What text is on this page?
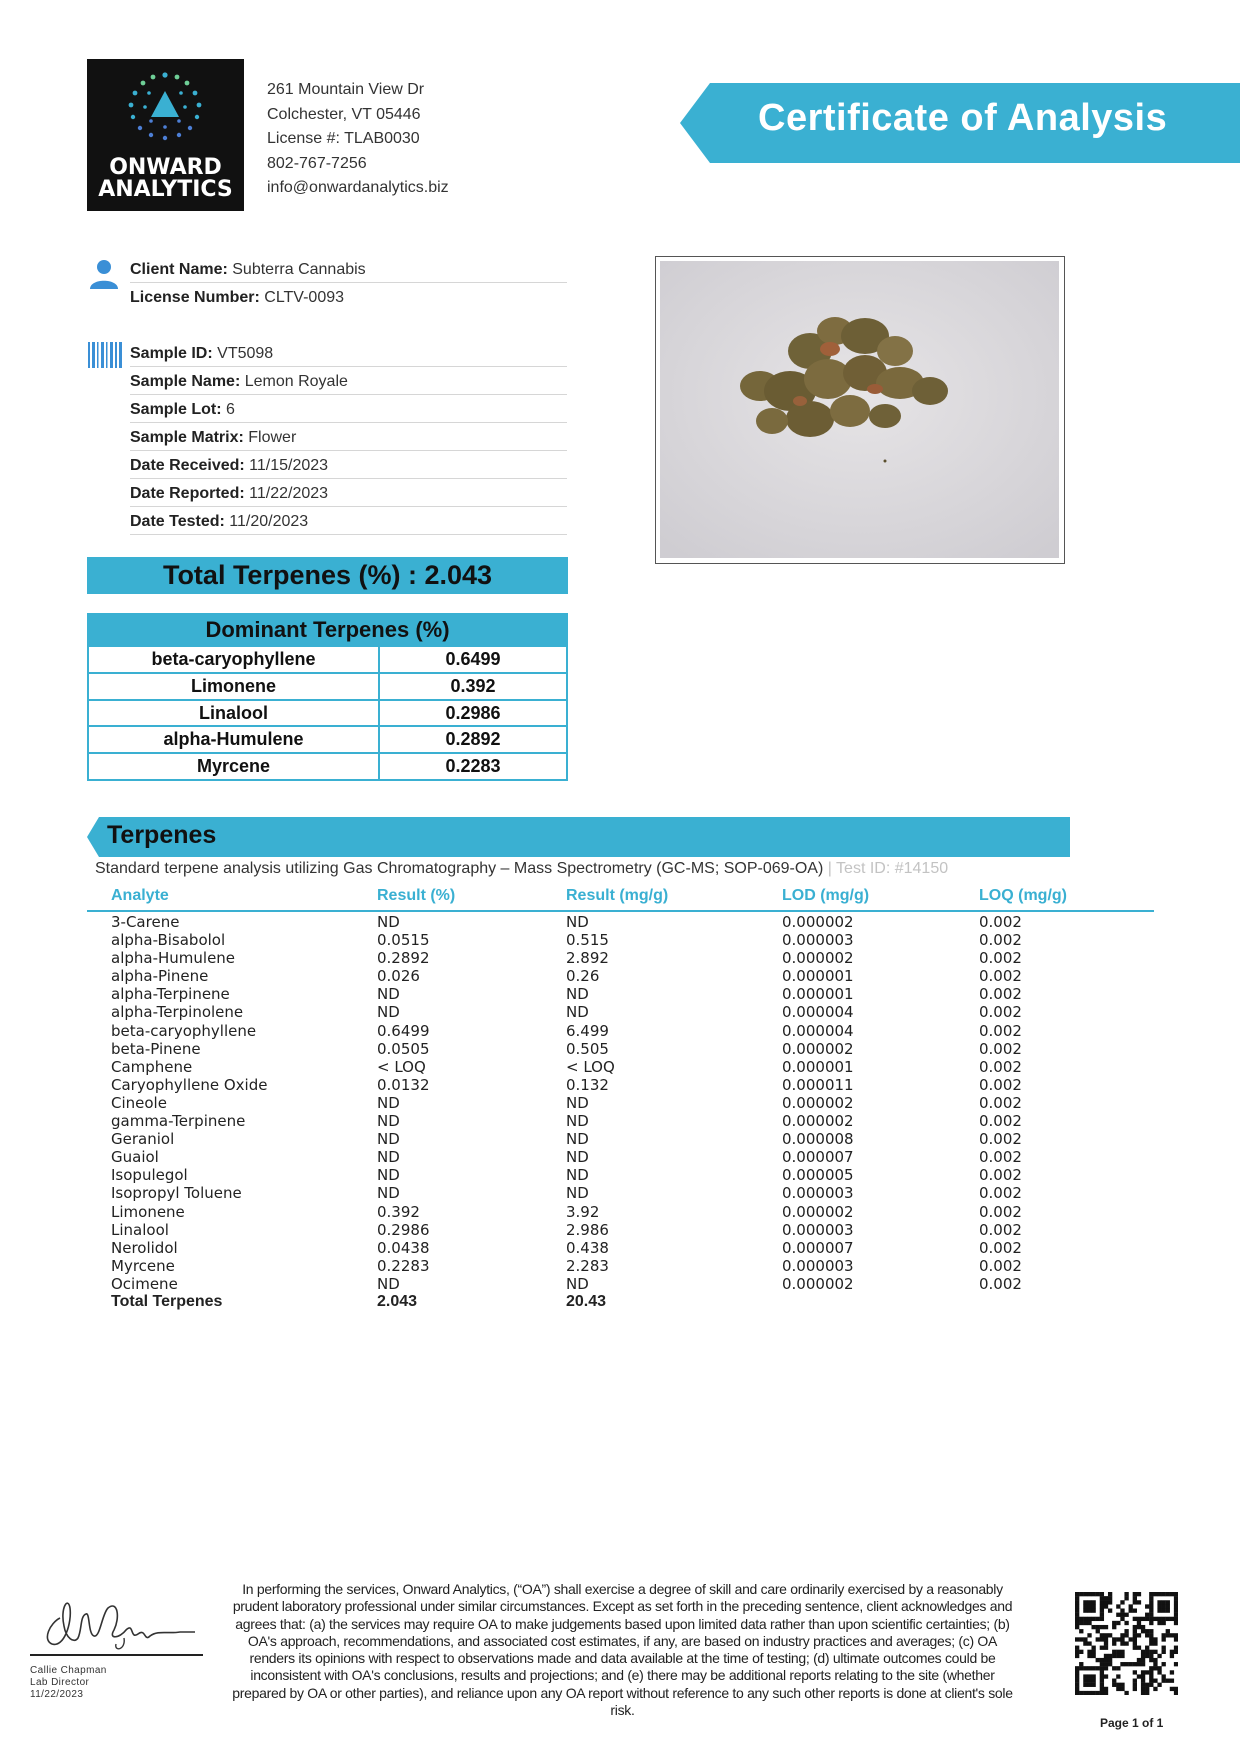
ONWARD
ANALYTICS
261 Mountain View Dr
Colchester, VT 05446
License #: TLAB0030
802-767-7256
info@onwardanalytics.biz
Certificate of Analysis
Client Name: Subterra Cannabis
License Number: CLTV-0093
Sample ID: VT5098
Sample Name: Lemon Royale
Sample Lot: 6
Sample Matrix: Flower
Date Received: 11/15/2023
Date Reported: 11/22/2023
Date Tested: 11/20/2023
Total Terpenes (%) : 2.043
Dominant Terpenes (%)
beta-caryophyllene	0.6499
Limonene	0.392
Linalool	0.2986
alpha-Humulene	0.2892
Myrcene	0.2283
Terpenes
Standard terpene analysis utilizing Gas Chromatography – Mass Spectrometry (GC-MS; SOP-069-OA) | Test ID: #14150
Analyte	Result (%)	Result (mg/g)	LOD (mg/g)	LOQ (mg/g)
3-Carene	ND	ND	0.000002	0.002
alpha-Bisabolol	0.0515	0.515	0.000003	0.002
alpha-Humulene	0.2892	2.892	0.000002	0.002
alpha-Pinene	0.026	0.26	0.000001	0.002
alpha-Terpinene	ND	ND	0.000001	0.002
alpha-Terpinolene	ND	ND	0.000004	0.002
beta-caryophyllene	0.6499	6.499	0.000004	0.002
beta-Pinene	0.0505	0.505	0.000002	0.002
Camphene	< LOQ	< LOQ	0.000001	0.002
Caryophyllene Oxide	0.0132	0.132	0.000011	0.002
Cineole	ND	ND	0.000002	0.002
gamma-Terpinene	ND	ND	0.000002	0.002
Geraniol	ND	ND	0.000008	0.002
Guaiol	ND	ND	0.000007	0.002
Isopulegol	ND	ND	0.000005	0.002
Isopropyl Toluene	ND	ND	0.000003	0.002
Limonene	0.392	3.92	0.000002	0.002
Linalool	0.2986	2.986	0.000003	0.002
Nerolidol	0.0438	0.438	0.000007	0.002
Myrcene	0.2283	2.283	0.000003	0.002
Ocimene	ND	ND	0.000002	0.002
Total Terpenes	2.043	20.43
Callie Chapman
Lab Director
11/22/2023
In performing the services, Onward Analytics, (“OA”) shall exercise a degree of skill and care ordinarily exercised by a reasonably prudent laboratory professional under similar circumstances. Except as set forth in the preceding sentence, client acknowledges and agrees that: (a) the services may require OA to make judgements based upon limited data rather than upon scientific certainties; (b) OA's approach, recommendations, and associated cost estimates, if any, are based on industry practices and averages; (c) OA renders its opinions with respect to observations made and data available at the time of testing; (d) ultimate outcomes could be inconsistent with OA's conclusions, results and projections; and (e) there may be additional reports relating to the site (whether prepared by OA or other parties), and reliance upon any OA report without reference to any such other reports is done at client's sole risk.
Page 1 of 1
